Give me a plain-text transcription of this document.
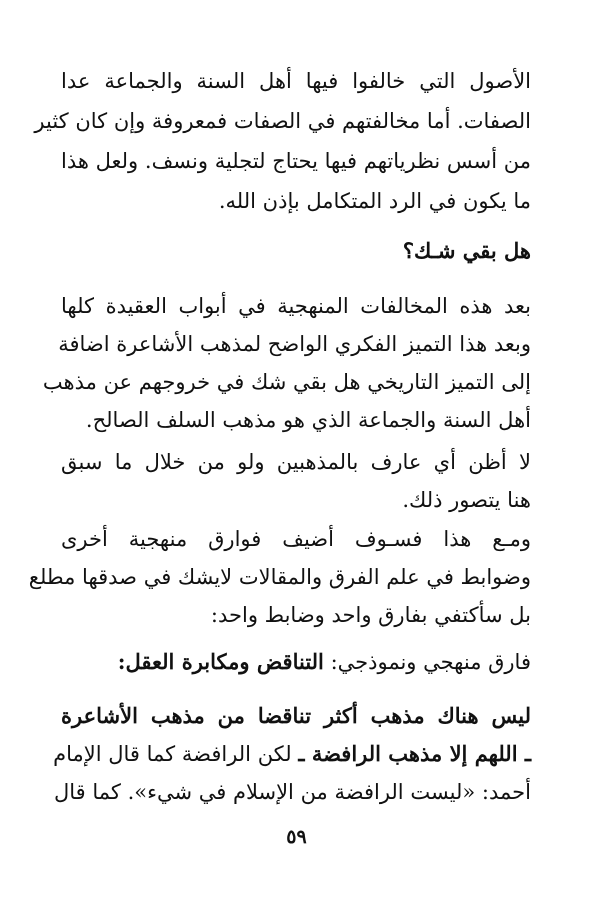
الأصول التي خالفوا فيها أهل السنة والجماعة عدا
الصفات. أما مخالفتهم في الصفات فمعروفة وإن كان كثير
من أسس نظرياتهم فيها يحتاج لتجلية ونسف. ولعل هذا
ما يكون في الرد المتكامل بإذن الله.
هل بقي شـك؟
بعد هذه المخالفات المنهجية في أبواب العقيدة كلها
وبعد هذا التميز الفكري الواضح لمذهب الأشاعرة اضافة
إلى التميز التاريخي هل بقي شك في خروجهم عن مذهب
أهل السنة والجماعة الذي هو مذهب السلف الصالح.
لا أظن أي عارف بالمذهبين ولو من خلال ما سبق
هنا يتصور ذلك.
ومـع هذا فسـوف أضيف فوارق منهجية أخرى
وضوابط في علم الفرق والمقالات لايشك في صدقها مطلع
بل سأكتفي بفارق واحد وضابط واحد:
فارق منهجي ونموذجي: التناقض ومكابرة العقل:
ليس هناك مذهب أكثر تناقضا من مذهب الأشاعرة
ـ اللهم إلا مذهب الرافضة ـ لكن الرافضة كما قال الإمام
أحمد: «ليست الرافضة من الإسلام في شيء». كما قال
٥٩
